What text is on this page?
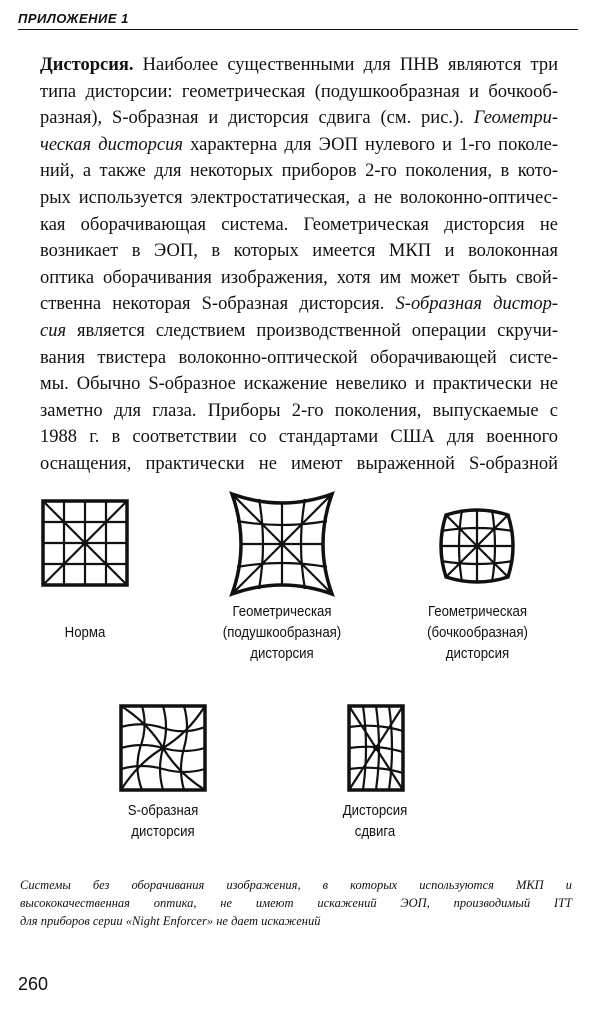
ПРИЛОЖЕНИЕ 1
Дисторсия. Наиболее существенными для ПНВ являются три
типа дисторсии: геометрическая (подушкообразная и бочкооб-
разная), S-образная и дисторсия сдвига (см. рис.). Геометри-
ческая дисторсия характерна для ЭОП нулевого и 1-го поколе-
ний, а также для некоторых приборов 2-го поколения, в кото-
рых используется электростатическая, а не волоконно-оптичес-
кая оборачивающая система. Геометрическая дисторсия не
возникает в ЭОП, в которых имеется МКП и волоконная
оптика оборачивания изображения, хотя им может быть свой-
ственна некоторая S-образная дисторсия. S-образная дистор-
сия является следствием производственной операции скручи-
вания твистера волоконно-оптической оборачивающей систе-
мы. Обычно S-образное искажение невелико и практически не
заметно для глаза. Приборы 2-го поколения, выпускаемые с
1988 г. в соответствии со стандартами США для военного
оснащения, практически не имеют выраженной S-образной
Норма
Геометрическая
(подушкообразная)
дисторсия
Геометрическая
(бочкообразная)
дисторсия
S-образная
дисторсия
Дисторсия
сдвига
Системы без оборачивания изображения, в которых используются МКП и
высококачественная оптика, не имеют искажений ЭОП, производимый ITT
для приборов серии «Night Enforcer» не дает искажений
260
